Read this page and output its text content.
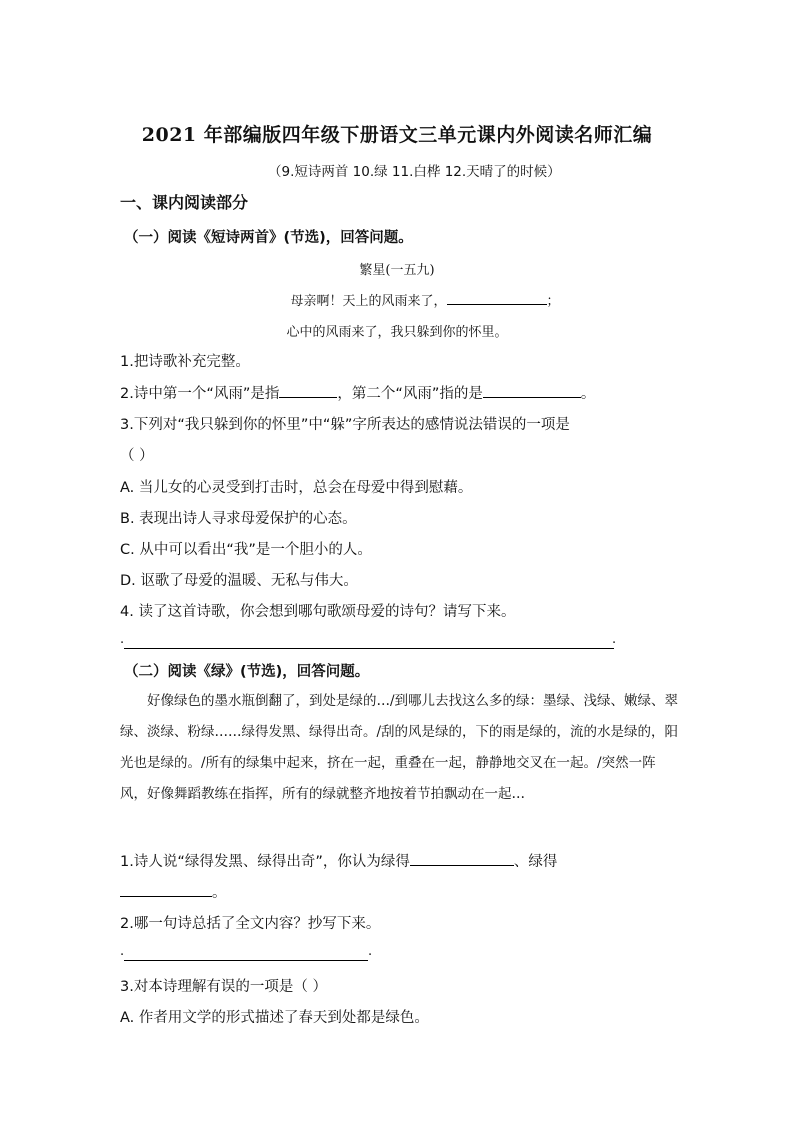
2021 年部编版四年级下册语文三单元课内外阅读名师汇编
（9.短诗两首 10.绿 11.白桦 12.天晴了的时候）
一、课内阅读部分
（一）阅读《短诗两首》(节选)，回答问题。
繁星(一五九)
母亲啊！天上的风雨来了，	；
心中的风雨来了，我只躲到你的怀里。
1.把诗歌补充完整。
2.诗中第一个“风雨”是指	，第二个“风雨”指的是	。
3.下列对“我只躲到你的怀里”中“躲”字所表达的感情说法错误的一项是
（ ）
A. 当儿女的心灵受到打击时，总会在母爱中得到慰藉。
B. 表现出诗人寻求母爱保护的心态。
C. 从中可以看出“我”是一个胆小的人。
D. 讴歌了母爱的温暖、无私与伟大。
4. 读了这首诗歌，你会想到哪句歌颂母爱的诗句？请写下来。
.	.
（二）阅读《绿》(节选)，回答问题。
好像绿色的墨水瓶倒翻了，到处是绿的…/到哪儿去找这么多的绿：墨绿、浅绿、嫩绿、翠绿、淡绿、粉绿……绿得发黑、绿得出奇。/刮的风是绿的，下的雨是绿的，流的水是绿的，阳光也是绿的。/所有的绿集中起来，挤在一起，重叠在一起，静静地交叉在一起。/突然一阵风，好像舞蹈教练在指挥，所有的绿就整齐地按着节拍飘动在一起…
1.诗人说“绿得发黑、绿得出奇”，你认为绿得	、绿得
。
2.哪一句诗总括了全文内容？抄写下来。
.	.
3.对本诗理解有误的一项是（ ）
A. 作者用文学的形式描述了春天到处都是绿色。
